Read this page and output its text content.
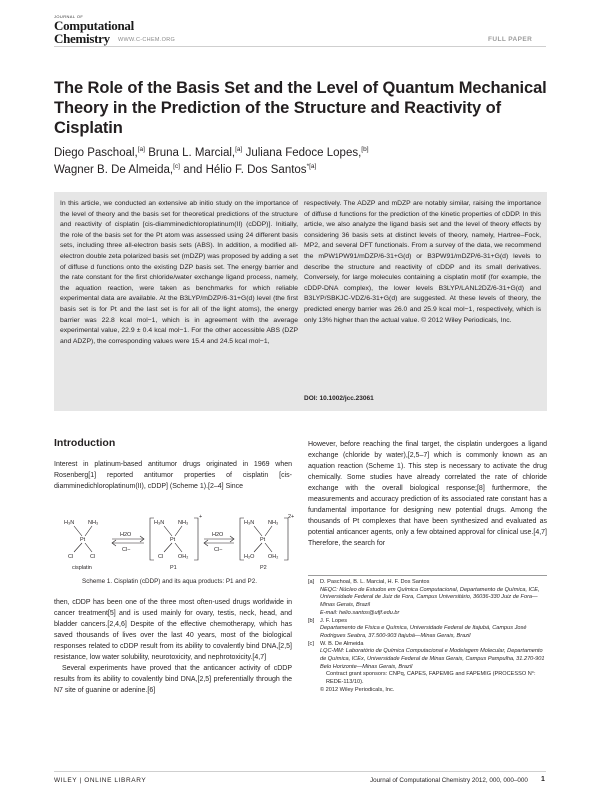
JOURNAL OF
Computational
Chemistry	WWW.C-CHEM.ORG	FULL PAPER
The Role of the Basis Set and the Level of Quantum Mechanical Theory in the Prediction of the Structure and Reactivity of Cisplatin
Diego Paschoal,[a] Bruna L. Marcial,[a] Juliana Fedoce Lopes,[b]
Wagner B. De Almeida,[c] and Hélio F. Dos Santos$^{*[a]}$
In this article, we conducted an extensive ab initio study on the importance of the level of theory and the basis set for theoretical predictions of the structure and reactivity of cisplatin [cis-diamminedichloroplatinum(II) (cDDP)]. Initially, the role of the basis set for the Pt atom was assessed using 24 different basis sets, including three all-electron basis sets (ABS). In addition, a modified all-electron double zeta polarized basis set (mDZP) was proposed by adding a set of diffuse d functions onto the existing DZP basis set. The energy barrier and the rate constant for the first chloride/water exchange ligand process, namely, the aquation reaction, were taken as benchmarks for which reliable experimental data are available. At the B3LYP/mDZP/6-31+G(d) level (the first basis set is for Pt and the last set is for all of the light atoms), the energy barrier was 22.8 kcal mol−1, which is in agreement with the average experimental value, 22.9 ± 0.4 kcal mol−1. For the other accessible ABS (DZP and ADZP), the corresponding values were 15.4 and 24.5 kcal mol−1,
respectively. The ADZP and mDZP are notably similar, raising the importance of diffuse d functions for the prediction of the kinetic properties of cDDP. In this article, we also analyze the ligand basis set and the level of theory effects by considering 36 basis sets at distinct levels of theory, namely, Hartree–Fock, MP2, and several DFT functionals. From a survey of the data, we recommend the mPW1PW91/mDZP/6-31+G(d) or B3PW91/mDZP/6-31+G(d) levels to describe the structure and reactivity of cDDP and its small derivatives. Conversely, for large molecules containing a cisplatin motif (for example, the cDDP-DNA complex), the lower levels B3LYP/LANL2DZ/6-31+G(d) and B3LYP/SBKJC-VDZ/6-31+G(d) are suggested. At these levels of theory, the predicted energy barrier was 26.0 and 25.9 kcal mol−1, respectively, which is only 13% higher than the actual value. © 2012 Wiley Periodicals, Inc.
DOI: 10.1002/jcc.23061
Introduction
Interest in platinum-based antitumor drugs originated in 1969 when Rosenberg[1] reported antitumor properties of cisplatin [cis-diamminedichloroplatinum(II), cDDP] (Scheme 1).[2–4] Since
H₃N	NH₃
Pt
Cl	Cl
H₃N	NH₃
Pt
Cl	OH₂
H₃N	NH₃
Pt
H₂O OH₂
cisplatin	P1	P2
H2O
Cl−
H2O
Cl−
+	2+
Scheme 1. Cisplatin (cDDP) and its aqua products: P1 and P2.
then, cDDP has been one of the three most often-used drugs worldwide in cancer treatment[5] and is used mainly for ovary, testis, neck, head, and bladder cancers.[2,4,6] Despite of the effective chemotherapy, which has saved thousands of lives over the last 40 years, most of the biological responses related to cDDP result from its ability to covalently bind DNA,[2,5] resistance, low water solubility, neurotoxicity, and nephrotoxicity.[4,7]
Several experiments have proved that the anticancer activity of cDDP results from its ability to covalently bind DNA,[2,5] preferentially through the N7 site of guanine or adenine.[6]
However, before reaching the final target, the cisplatin undergoes a ligand exchange (chloride by water),[2,5–7] which is commonly known as an aquation reaction (Scheme 1). This step is necessary to activate the drug chemically. Some studies have already correlated the rate of chloride exchange with the overall biological response;[8] furthermore, the measurements and accuracy prediction of its associated rate constant has a fundamental importance for designing new potential drugs. Among the thousands of Pt complexes that have been synthesized and evaluated as potential anticancer agents, only a few obtained approval for clinical use.[4,7] Therefore, the search for
[a]	D. Paschoal, B. L. Marcial, H. F. Dos Santos
NEQC: Núcleo de Estudos em Química Computacional, Departamento de Química, ICE, Universidade Federal de Juiz de Fora, Campus Universitário, 36036-330 Juiz de Fora—Minas Gerais, Brazil
E-mail: helio.santos@ufjf.edu.br
[b]	J. F. Lopes
Departamento de Física e Química, Universidade Federal de Itajubá, Campus José Rodrigues Seabra, 37.500-903 Itajubá—Minas Gerais, Brazil
[c]	W. B. De Almeida
LQC-MM: Laboratório de Química Computacional e Modelagem Molecular, Departamento de Química, ICEx, Universidade Federal de Minas Gerais, Campus Pampulha, 31.270-901 Belo Horizonte—Minas Gerais, Brazil
Contract grant sponsors: CNPq, CAPES, FAPEMIG and FAPEMIG (PROCESSO N°: REDE-113/10).
© 2012 Wiley Periodicals, Inc.
WILEY | ONLINE LIBRARY	Journal of Computational Chemistry 2012, 000, 000–000 1
